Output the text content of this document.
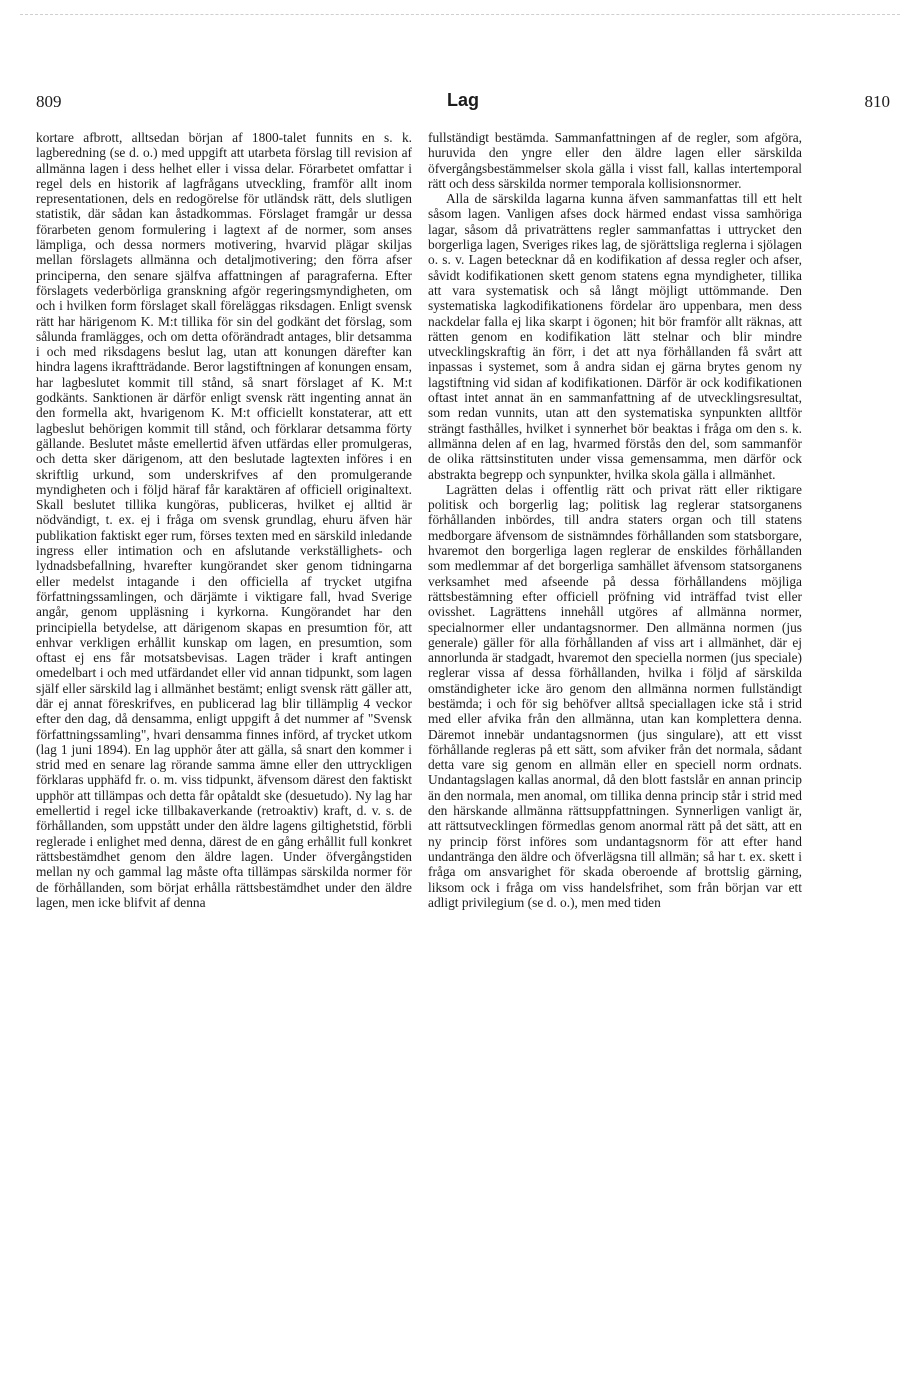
809	Lag	810

kortare afbrott, alltsedan början af 1800-talet funnits en s. k. lagberedning (se d. o.) med uppgift att utarbeta förslag till revision af allmänna lagen i dess helhet eller i vissa delar. Förarbetet omfattar i regel dels en historik af lagfrågans utveckling, framför allt inom representationen, dels en redogörelse för utländsk rätt, dels slutligen statistik, där sådan kan åstadkommas. Förslaget framgår ur dessa förarbeten genom formulering i lagtext af de normer, som anses lämpliga, och dessa normers motivering, hvarvid plägar skiljas mellan förslagets allmänna och detaljmotivering; den förra afser principerna, den senare själfva affattningen af paragraferna. Efter förslagets vederbörliga granskning afgör regeringsmyndigheten, om och i hvilken form förslaget skall föreläggas riksdagen. Enligt svensk rätt har härigenom K. M:t tillika för sin del godkänt det förslag, som sålunda framlägges, och om detta oförändradt antages, blir detsamma i och med riksdagens beslut lag, utan att konungen därefter kan hindra lagens ikraftträdande. Beror lagstiftningen af konungen ensam, har lagbeslutet kommit till stånd, så snart förslaget af K. M:t godkänts. Sanktionen är därför enligt svensk rätt ingenting annat än den formella akt, hvarigenom K. M:t officiellt konstaterar, att ett lagbeslut behörigen kommit till stånd, och förklarar detsamma förty gällande. Beslutet måste emellertid äfven utfärdas eller promulgeras, och detta sker därigenom, att den beslutade lagtexten införes i en skriftlig urkund, som underskrifves af den promulgerande myndigheten och i följd häraf får karaktären af officiell originaltext. Skall beslutet tillika kungöras, publiceras, hvilket ej alltid är nödvändigt, t. ex. ej i fråga om svensk grundlag, ehuru äfven här publikation faktiskt eger rum, förses texten med en särskild inledande ingress eller intimation och en afslutande verkställighets- och lydnadsbefallning, hvarefter kungörandet sker genom tidningarna eller medelst intagande i den officiella af trycket utgifna författningssamlingen, och därjämte i viktigare fall, hvad Sverige angår, genom uppläsning i kyrkorna. Kungörandet har den principiella betydelse, att därigenom skapas en presumtion för, att enhvar verkligen erhållit kunskap om lagen, en presumtion, som oftast ej ens får motsatsbevisas. Lagen träder i kraft antingen omedelbart i och med utfärdandet eller vid annan tidpunkt, som lagen själf eller särskild lag i allmänhet bestämt; enligt svensk rätt gäller att, där ej annat föreskrifves, en publicerad lag blir tillämplig 4 veckor efter den dag, då densamma, enligt uppgift å det nummer af "Svensk författningssamling", hvari densamma finnes införd, af trycket utkom (lag 1 juni 1894). En lag upphör åter att gälla, så snart den kommer i strid med en senare lag rörande samma ämne eller den uttryckligen förklaras upphäfd fr. o. m. viss tidpunkt, äfvensom därest den faktiskt upphör att tillämpas och detta får opåtaldt ske (desuetudo). Ny lag har emellertid i regel icke tillbakaverkande (retroaktiv) kraft, d. v. s. de förhållanden, som uppstått under den äldre lagens giltighetstid, förbli reglerade i enlighet med denna, därest de en gång erhållit full konkret rättsbestämdhet genom den äldre lagen. Under öfvergångstiden mellan ny och gammal lag måste ofta tillämpas särskilda normer för de förhållanden, som börjat erhålla rättsbestämdhet under den äldre lagen, men icke blifvit af denna

fullständigt bestämda. Sammanfattningen af de regler, som afgöra, huruvida den yngre eller den äldre lagen eller särskilda öfvergångsbestämmelser skola gälla i visst fall, kallas intertemporal rätt och dess särskilda normer temporala kollisionsnormer.

Alla de särskilda lagarna kunna äfven sammanfattas till ett helt såsom lagen. Vanligen afses dock härmed endast vissa samhöriga lagar, såsom då privaträttens regler sammanfattas i uttrycket den borgerliga lagen, Sveriges rikes lag, de sjörättsliga reglerna i sjölagen o. s. v. Lagen betecknar då en kodifikation af dessa regler och afser, såvidt kodifikationen skett genom statens egna myndigheter, tillika att vara systematisk och så långt möjligt uttömmande. Den systematiska lagkodifikationens fördelar äro uppenbara, men dess nackdelar falla ej lika skarpt i ögonen; hit bör framför allt räknas, att rätten genom en kodifikation lätt stelnar och blir mindre utvecklingskraftig än förr, i det att nya förhållanden få svårt att inpassas i systemet, som å andra sidan ej gärna brytes genom ny lagstiftning vid sidan af kodifikationen. Därför är ock kodifikationen oftast intet annat än en sammanfattning af de utvecklingsresultat, som redan vunnits, utan att den systematiska synpunkten alltför strängt fasthålles, hvilket i synnerhet bör beaktas i fråga om den s. k. allmänna delen af en lag, hvarmed förstås den del, som sammanför de olika rättsinstituten under vissa gemensamma, men därför ock abstrakta begrepp och synpunkter, hvilka skola gälla i allmänhet.

Lagrätten delas i offentlig rätt och privat rätt eller riktigare politisk och borgerlig lag; politisk lag reglerar statsorganens förhållanden inbördes, till andra staters organ och till statens medborgare äfvensom de sistnämndes förhållanden som statsborgare, hvaremot den borgerliga lagen reglerar de enskildes förhållanden som medlemmar af det borgerliga samhället äfvensom statsorganens verksamhet med afseende på dessa förhållandens möjliga rättsbestämning efter officiell pröfning vid inträffad tvist eller ovisshet. Lagrättens innehåll utgöres af allmänna normer, specialnormer eller undantagsnormer. Den allmänna normen (jus generale) gäller för alla förhållanden af viss art i allmänhet, där ej annorlunda är stadgadt, hvaremot den speciella normen (jus speciale) reglerar vissa af dessa förhållanden, hvilka i följd af särskilda omständigheter icke äro genom den allmänna normen fullständigt bestämda; i och för sig behöfver alltså speciallagen icke stå i strid med eller afvika från den allmänna, utan kan komplettera denna. Däremot innebär undantagsnormen (jus singulare), att ett visst förhållande regleras på ett sätt, som afviker från det normala, sådant detta vare sig genom en allmän eller en speciell norm ordnats. Undantagslagen kallas anormal, då den blott fastslår en annan princip än den normala, men anomal, om tillika denna princip står i strid med den härskande allmänna rättsuppfattningen. Synnerligen vanligt är, att rättsutvecklingen förmedlas genom anormal rätt på det sätt, att en ny princip först införes som undantagsnorm för att efter hand undantränga den äldre och öfverlägsna till allmän; så har t. ex. skett i fråga om ansvarighet för skada oberoende af brottslig gärning, liksom ock i fråga om viss handelsfrihet, som från början var ett adligt privilegium (se d. o.), men med tiden
